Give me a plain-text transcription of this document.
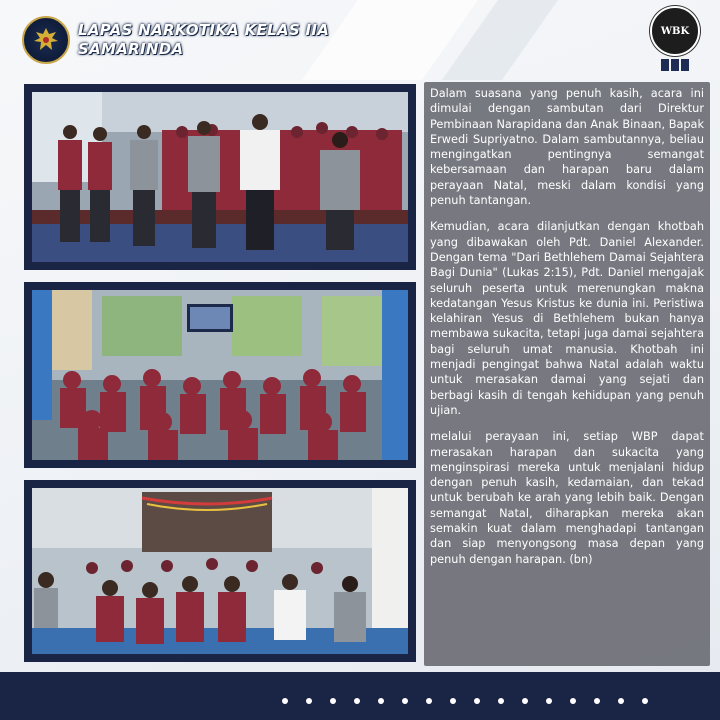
LAPAS NARKOTIKA KELAS IIA
SAMARINDA
WBK

Dalam suasana yang penuh kasih, acara ini dimulai dengan sambutan dari Direktur Pembinaan Narapidana dan Anak Binaan, Bapak Erwedi Supriyatno. Dalam sambutannya, beliau mengingatkan pentingnya semangat kebersamaan dan harapan baru dalam perayaan Natal, meski dalam kondisi yang penuh tantangan.

Kemudian, acara dilanjutkan dengan khotbah yang dibawakan oleh Pdt. Daniel Alexander. Dengan tema "Dari Bethlehem Damai Sejahtera Bagi Dunia" (Lukas 2:15), Pdt. Daniel mengajak seluruh peserta untuk merenungkan makna kedatangan Yesus Kristus ke dunia ini. Peristiwa kelahiran Yesus di Bethlehem bukan hanya membawa sukacita, tetapi juga damai sejahtera bagi seluruh umat manusia. Khotbah ini menjadi pengingat bahwa Natal adalah waktu untuk merasakan damai yang sejati dan berbagi kasih di tengah kehidupan yang penuh ujian.

melalui perayaan ini, setiap WBP dapat merasakan harapan dan sukacita yang menginspirasi mereka untuk menjalani hidup dengan penuh kasih, kedamaian, dan tekad untuk berubah ke arah yang lebih baik. Dengan semangat Natal, diharapkan mereka akan semakin kuat dalam menghadapi tantangan dan siap menyongsong masa depan yang penuh dengan harapan. (bn)
